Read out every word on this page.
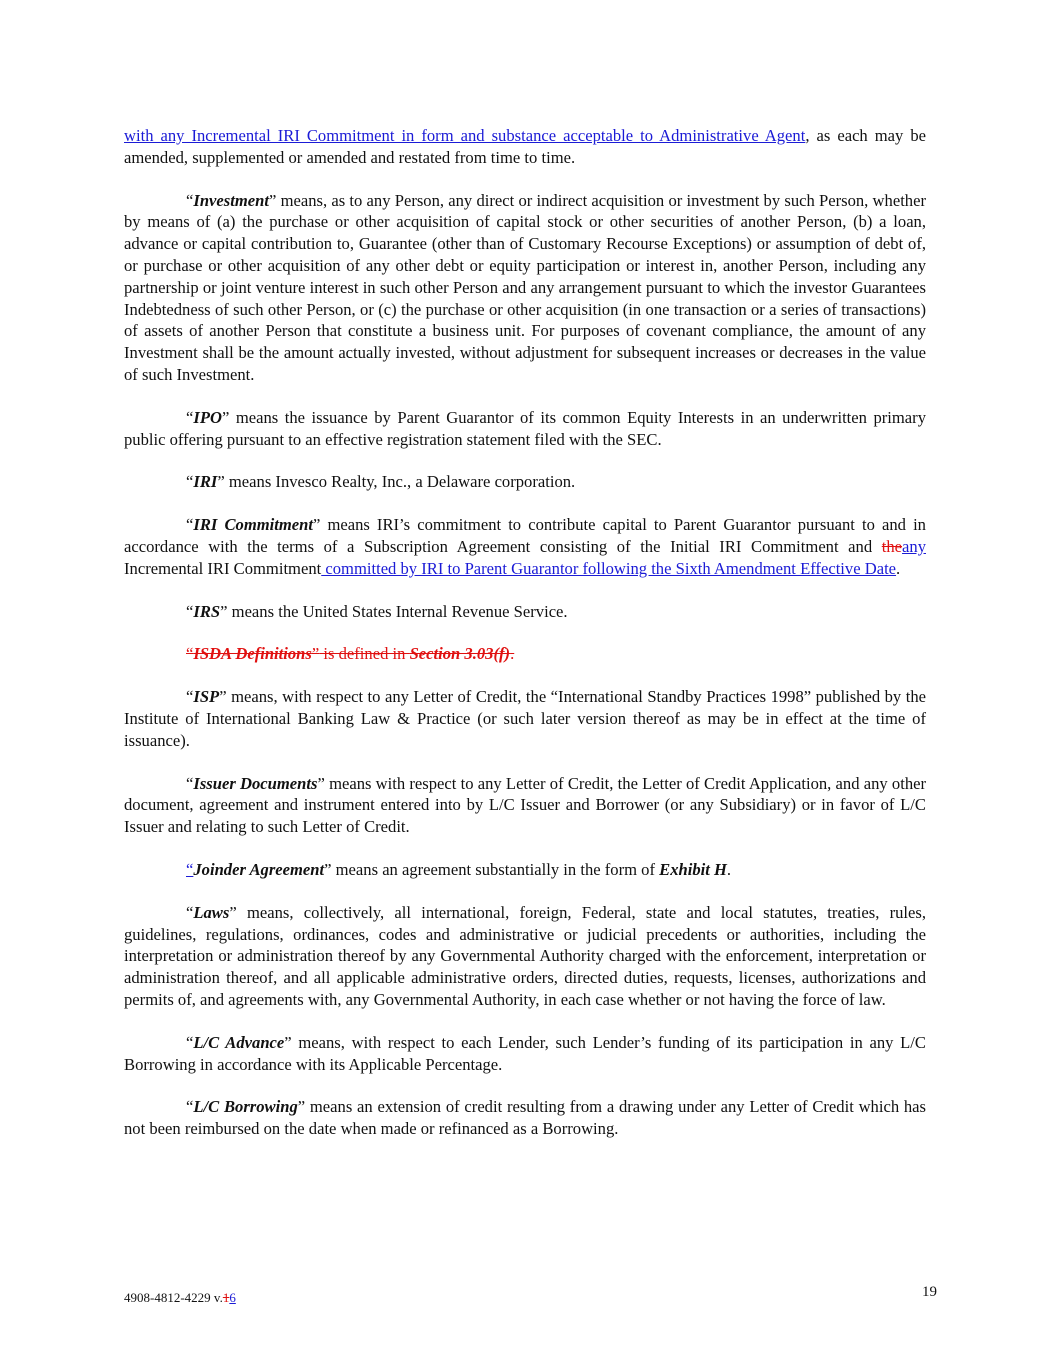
with any Incremental IRI Commitment in form and substance acceptable to Administrative Agent, as each may be amended, supplemented or amended and restated from time to time.

“Investment” means, as to any Person, any direct or indirect acquisition or investment by such Person, whether by means of (a) the purchase or other acquisition of capital stock or other securities of another Person, (b) a loan, advance or capital contribution to, Guarantee (other than of Customary Recourse Exceptions) or assumption of debt of, or purchase or other acquisition of any other debt or equity participation or interest in, another Person, including any partnership or joint venture interest in such other Person and any arrangement pursuant to which the investor Guarantees Indebtedness of such other Person, or (c) the purchase or other acquisition (in one transaction or a series of transactions) of assets of another Person that constitute a business unit. For purposes of covenant compliance, the amount of any Investment shall be the amount actually invested, without adjustment for subsequent increases or decreases in the value of such Investment.

“IPO” means the issuance by Parent Guarantor of its common Equity Interests in an underwritten primary public offering pursuant to an effective registration statement filed with the SEC.

“IRI” means Invesco Realty, Inc., a Delaware corporation.

“IRI Commitment” means IRI’s commitment to contribute capital to Parent Guarantor pursuant to and in accordance with the terms of a Subscription Agreement consisting of the Initial IRI Commitment and theany Incremental IRI Commitment committed by IRI to Parent Guarantor following the Sixth Amendment Effective Date.

“IRS” means the United States Internal Revenue Service.

“ISDA Definitions” is defined in Section 3.03(f).

“ISP” means, with respect to any Letter of Credit, the “International Standby Practices 1998” published by the Institute of International Banking Law & Practice (or such later version thereof as may be in effect at the time of issuance).

“Issuer Documents” means with respect to any Letter of Credit, the Letter of Credit Application, and any other document, agreement and instrument entered into by L/C Issuer and Borrower (or any Subsidiary) or in favor of L/C Issuer and relating to such Letter of Credit.

“Joinder Agreement” means an agreement substantially in the form of Exhibit H.

“Laws” means, collectively, all international, foreign, Federal, state and local statutes, treaties, rules, guidelines, regulations, ordinances, codes and administrative or judicial precedents or authorities, including the interpretation or administration thereof by any Governmental Authority charged with the enforcement, interpretation or administration thereof, and all applicable administrative orders, directed duties, requests, licenses, authorizations and permits of, and agreements with, any Governmental Authority, in each case whether or not having the force of law.

“L/C Advance” means, with respect to each Lender, such Lender’s funding of its participation in any L/C Borrowing in accordance with its Applicable Percentage.

“L/C Borrowing” means an extension of credit resulting from a drawing under any Letter of Credit which has not been reimbursed on the date when made or refinanced as a Borrowing.

4908-4812-4229 v.16	19
